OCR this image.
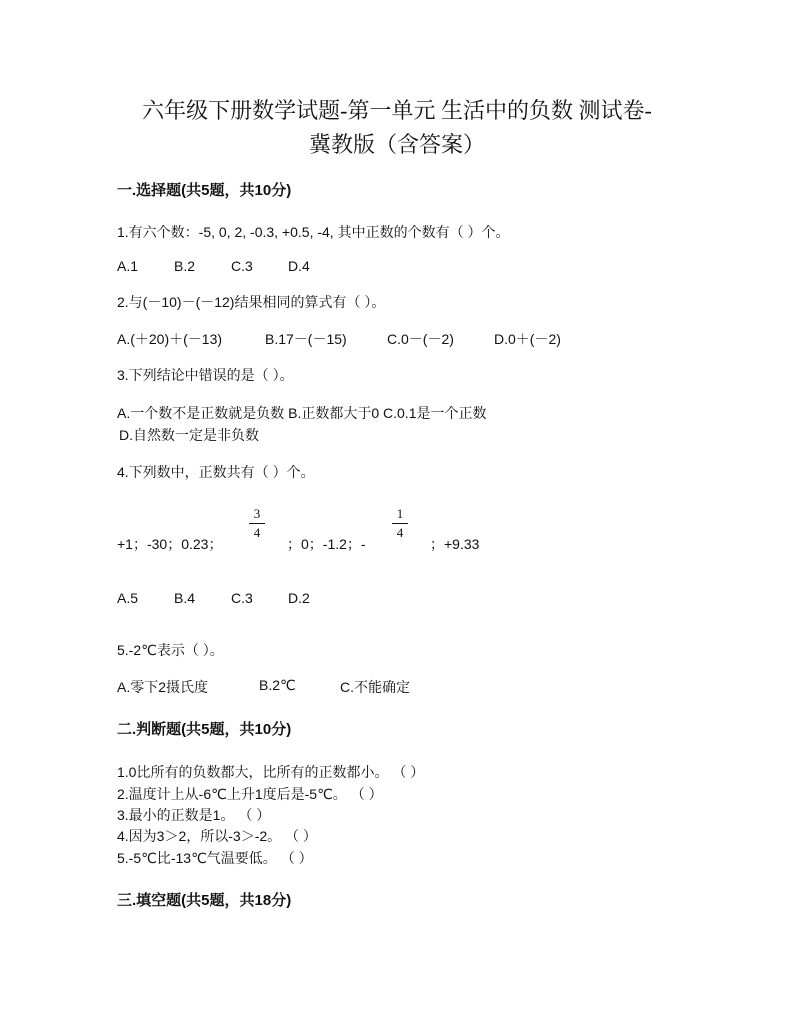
六年级下册数学试题-第一单元 生活中的负数 测试卷-
冀教版（含答案）
一.选择题(共5题，共10分)
1.有六个数：-5, 0, 2, -0.3, +0.5, -4, 其中正数的个数有（ ）个。
A.1	B.2	C.3	D.4
2.与(－10)－(－12)结果相同的算式有（ ）。
A.(＋20)＋(－13)	B.17－(－15)	C.0－(－2)	D.0＋(－2)
3.下列结论中错误的是（ ）。
A.一个数不是正数就是负数 B.正数都大于0 C.0.1是一个正数
D.自然数一定是非负数
4.下列数中，正数共有（ ）个。
+1；-30；0.23；
3
4
；0；-1.2；-
1
4
；+9.33
A.5	B.4	C.3	D.2
5.-2℃表示（ ）。
A.零下2摄氏度	B.2℃	C.不能确定
二.判断题(共5题，共10分)
1.0比所有的负数都大，比所有的正数都小。 （ ）
2.温度计上从-6℃上升1度后是-5℃。 （ ）
3.最小的正数是1。 （ ）
4.因为3＞2，所以-3＞-2。 （ ）
5.-5℃比-13℃气温要低。 （ ）
三.填空题(共5题，共18分)
